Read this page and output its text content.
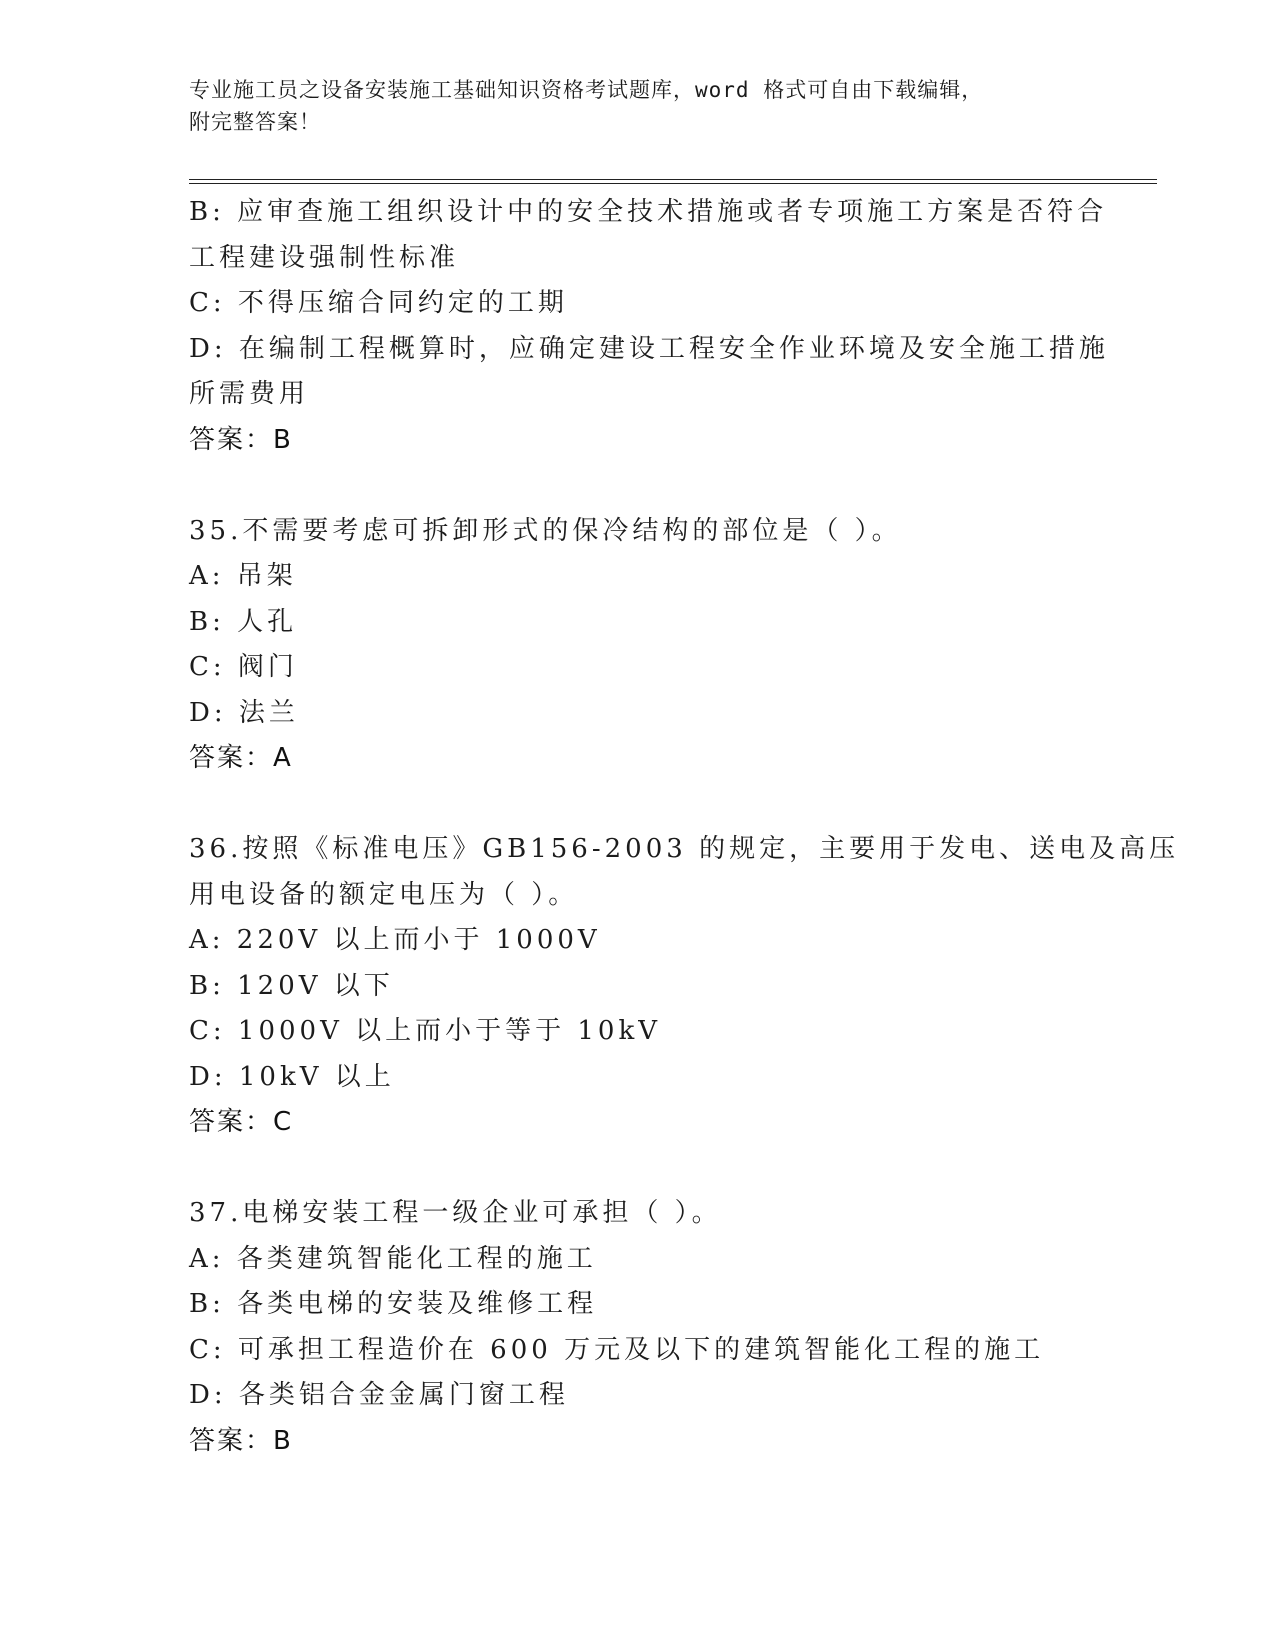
专业施工员之设备安装施工基础知识资格考试题库，word 格式可自由下载编辑，
附完整答案！
B: 应审查施工组织设计中的安全技术措施或者专项施工方案是否符合
工程建设强制性标准
C: 不得压缩合同约定的工期
D: 在编制工程概算时，应确定建设工程安全作业环境及安全施工措施
所需费用
答案：B
35.不需要考虑可拆卸形式的保冷结构的部位是（ ）。
A: 吊架
B: 人孔
C: 阀门
D: 法兰
答案：A
36.按照《标准电压》GB156-2003 的规定，主要用于发电、送电及高压
用电设备的额定电压为（ ）。
A: 220V 以上而小于 1000V
B: 120V 以下
C: 1000V 以上而小于等于 10kV
D: 10kV 以上
答案：C
37.电梯安装工程一级企业可承担（ ）。
A: 各类建筑智能化工程的施工
B: 各类电梯的安装及维修工程
C: 可承担工程造价在 600 万元及以下的建筑智能化工程的施工
D: 各类铝合金金属门窗工程
答案：B
